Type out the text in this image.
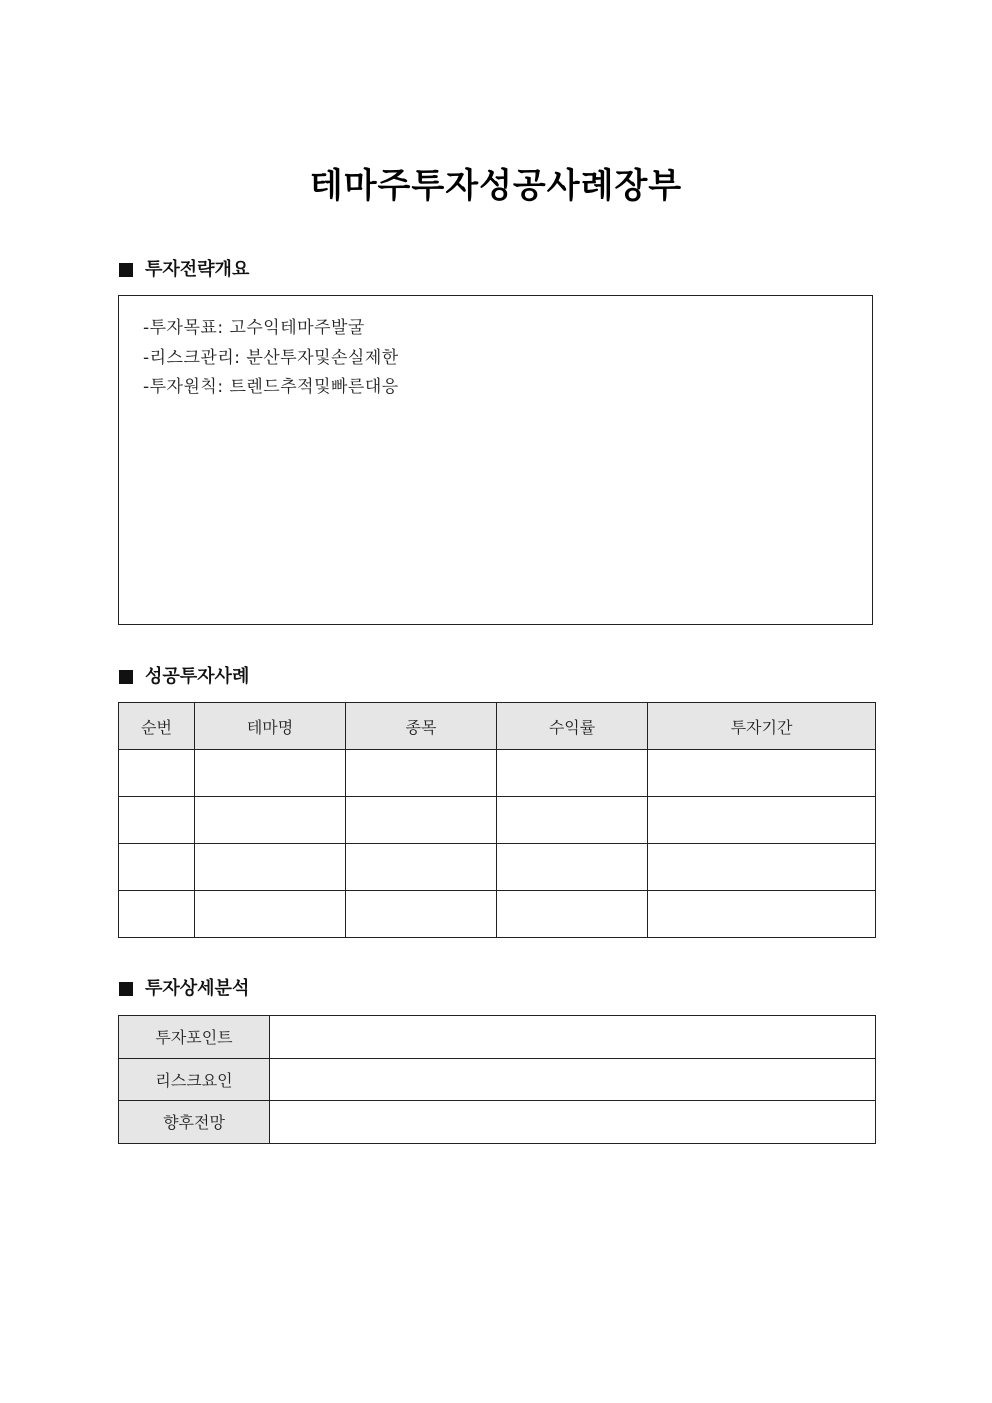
테마주투자성공사례장부
투자전략개요
-투자목표: 고수익테마주발굴
-리스크관리: 분산투자및손실제한
-투자원칙: 트렌드추적및빠른대응
성공투자사례
순번	테마명	종목	수익률	투자기간

투자상세분석
투자포인트	
리스크요인	
향후전망	
